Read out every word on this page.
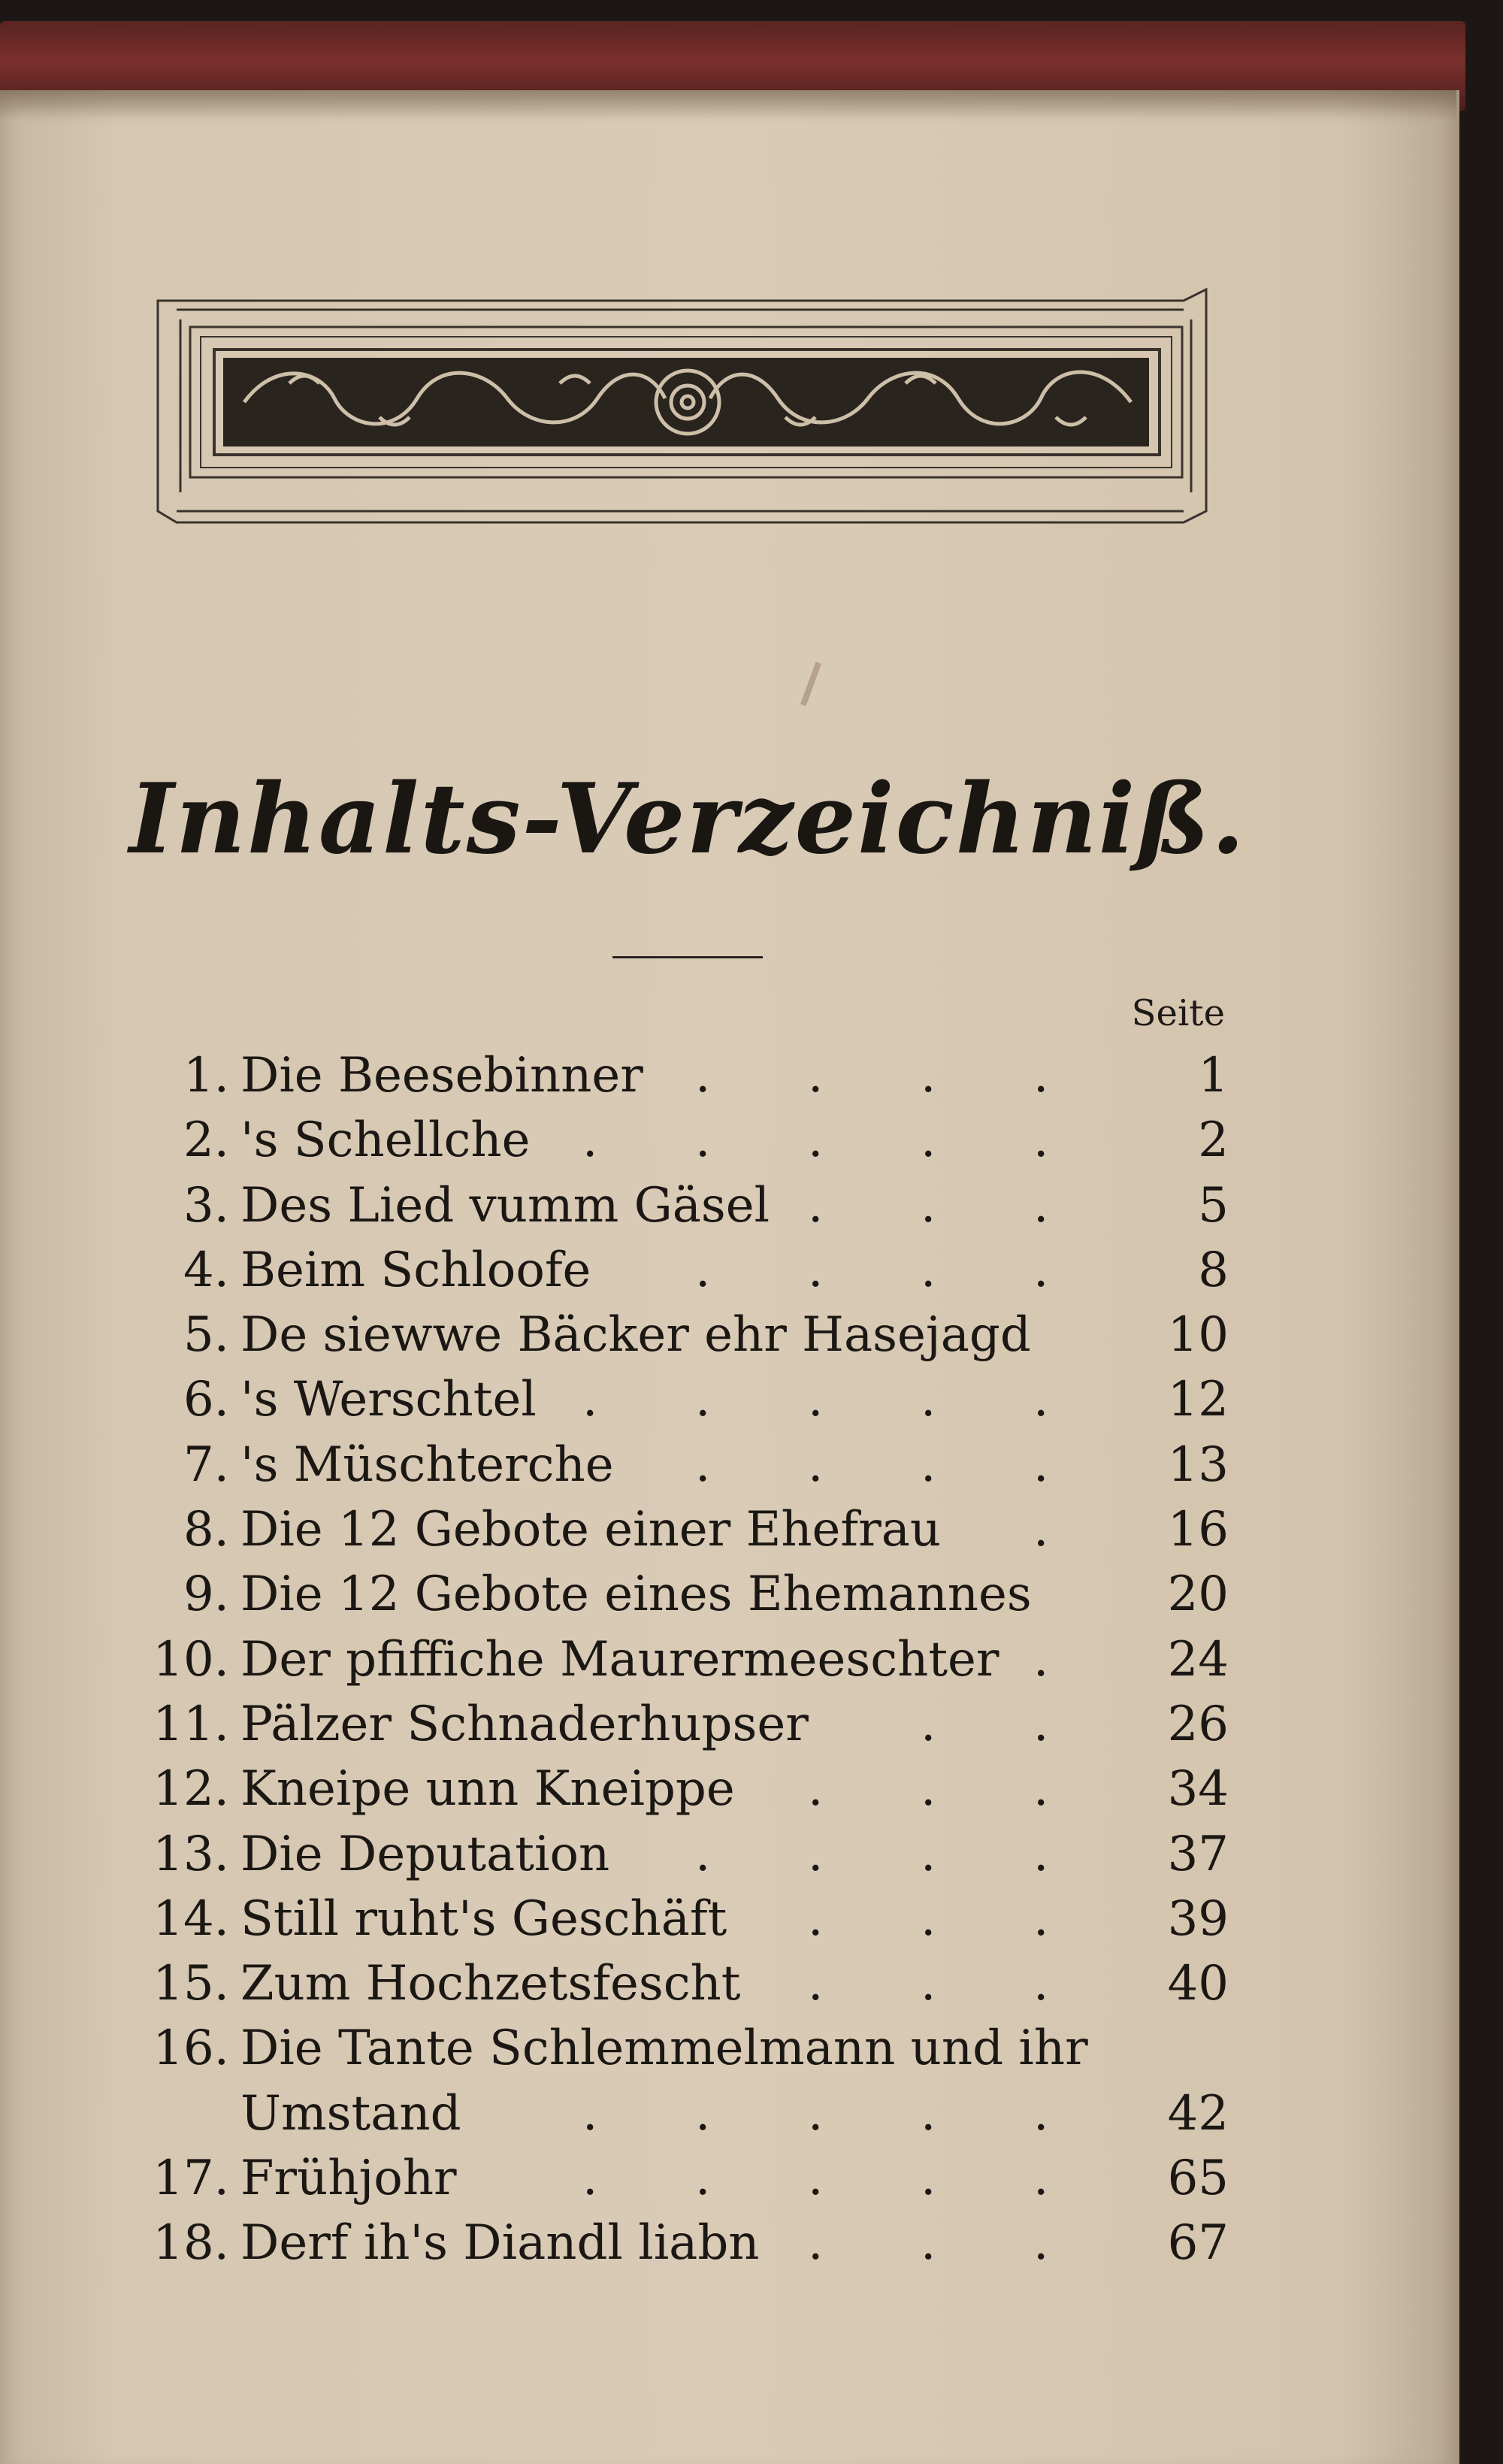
Inhalts-Verzeichniß.
Seite
1. Die Beesebinner . . . .	1
2. 's Schellche . . . . .	2
3. Des Lied vumm Gäsel . . .	5
4. Beim Schloofe . . . .	8
5. De siewwe Bäcker ehr Hasejagd	10
6. 's Werschtel . . . . .	12
7. 's Müschterche . . . .	13
8. Die 12 Gebote einer Ehefrau .	16
9. Die 12 Gebote eines Ehemannes	20
10. Der pfiffiche Maurermeeschter .	24
11. Pälzer Schnaderhupser . .	26
12. Kneipe unn Kneippe . . .	34
13. Die Deputation . . . .	37
14. Still ruht's Geschäft . . .	39
15. Zum Hochzetsfescht . . .	40
16. Die Tante Schlemmelmann und ihr
Umstand	. . . . .	42
17. Frühjohr	. . . . .	65
18. Derf ih's Diandl liabn . . .	67
